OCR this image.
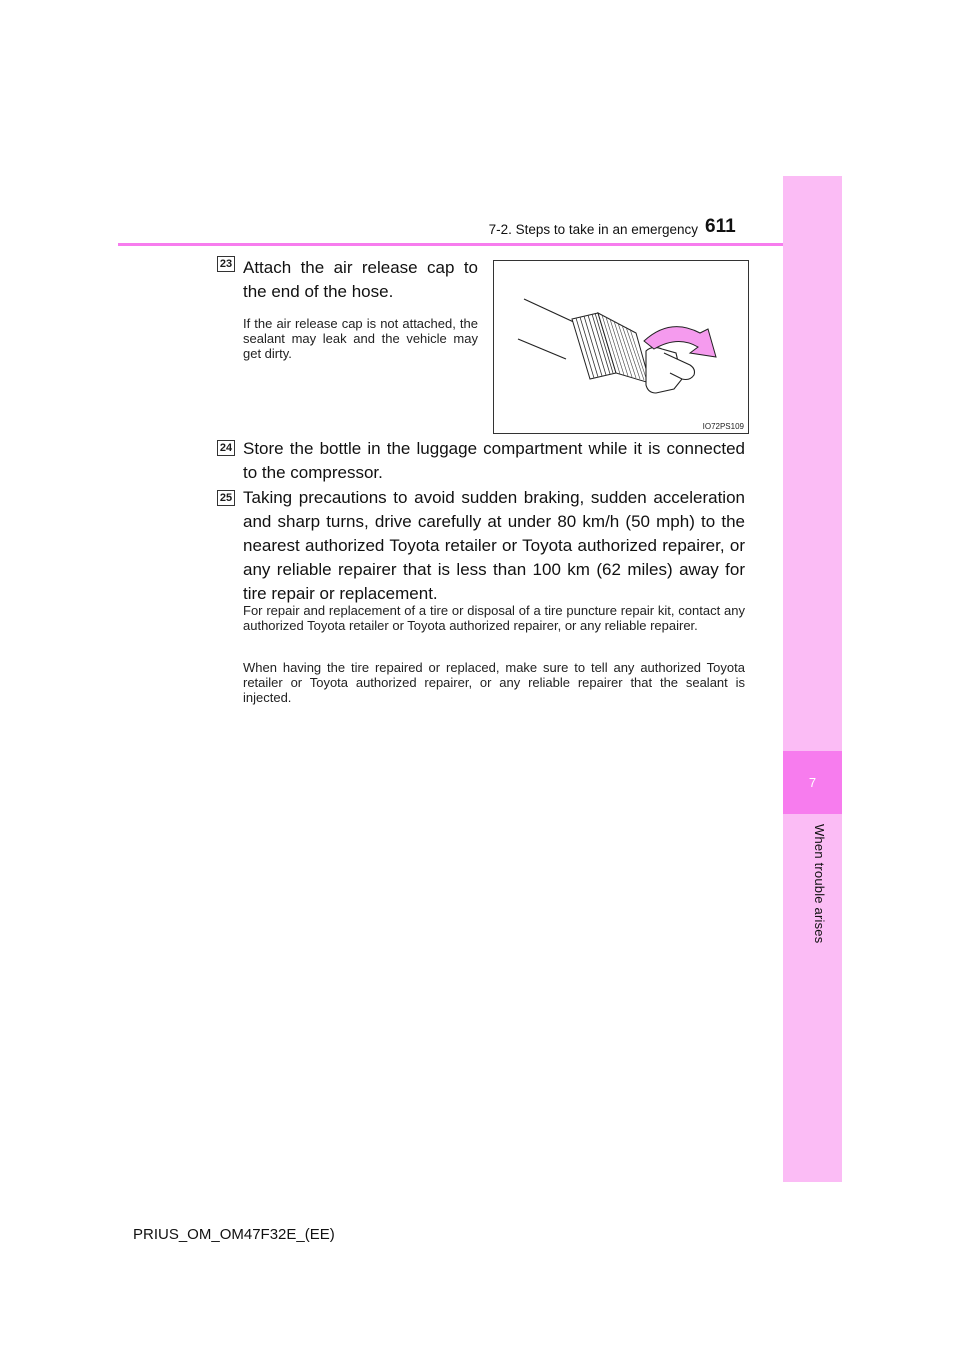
7
When trouble arises
7-2. Steps to take in an emergency 611
23 Attach the air release cap to the end of the hose.
If the air release cap is not attached, the sealant may leak and the vehicle may get dirty.
IO72PS109
24 Store the bottle in the luggage compartment while it is connected to the compressor.
25 Taking precautions to avoid sudden braking, sudden acceleration and sharp turns, drive carefully at under 80 km/h (50 mph) to the nearest authorized Toyota retailer or Toyota authorized repairer, or any reliable repairer that is less than 100 km (62 miles) away for tire repair or replacement.
For repair and replacement of a tire or disposal of a tire puncture repair kit, contact any authorized Toyota retailer or Toyota authorized repairer, or any reliable repairer.
When having the tire repaired or replaced, make sure to tell any authorized Toyota retailer or Toyota authorized repairer, or any reliable repairer that the sealant is injected.
PRIUS_OM_OM47F32E_(EE)
